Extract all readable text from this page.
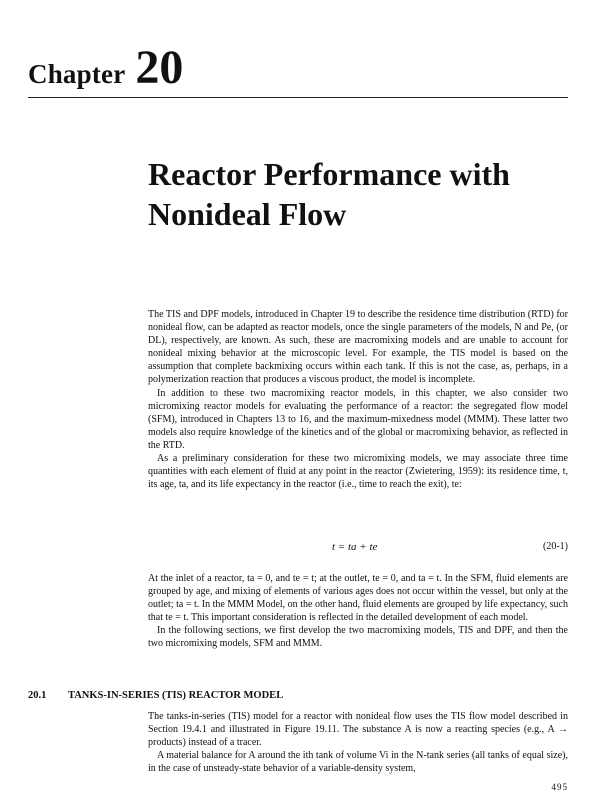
Chapter 20
Reactor Performance with
Nonideal Flow

The TIS and DPF models, introduced in Chapter 19 to describe the residence time distribution (RTD) for nonideal flow, can be adapted as reactor models, once the single parameters of the models, N and Pe, (or DL), respectively, are known. As such, these are macromixing models and are unable to account for nonideal mixing behavior at the microscopic level. For example, the TIS model is based on the assumption that complete backmixing occurs within each tank. If this is not the case, as, perhaps, in a polymerization reaction that produces a viscous product, the model is incomplete.

In addition to these two macromixing reactor models, in this chapter, we also consider two micromixing reactor models for evaluating the performance of a reactor: the segregated flow model (SFM), introduced in Chapters 13 to 16, and the maximum-mixedness model (MMM). These latter two models also require knowledge of the kinetics and of the global or macromixing behavior, as reflected in the RTD.

As a preliminary consideration for these two micromixing models, we may associate three time quantities with each element of fluid at any point in the reactor (Zwietering, 1959): its residence time, t, its age, ta, and its life expectancy in the reactor (i.e., time to reach the exit), te:

t = ta + te	(20-1)

At the inlet of a reactor, ta = 0, and te = t; at the outlet, te = 0, and ta = t. In the SFM, fluid elements are grouped by age, and mixing of elements of various ages does not occur within the vessel, but only at the outlet; ta = t. In the MMM Model, on the other hand, fluid elements are grouped by life expectancy, such that te = t. This important consideration is reflected in the detailed development of each model.

In the following sections, we first develop the two macromixing models, TIS and DPF, and then the two micromixing models, SFM and MMM.

20.1 TANKS-IN-SERIES (TIS) REACTOR MODEL

The tanks-in-series (TIS) model for a reactor with nonideal flow uses the TIS flow model described in Section 19.4.1 and illustrated in Figure 19.11. The substance A is now a reacting species (e.g., A → products) instead of a tracer.

A material balance for A around the ith tank of volume Vi in the N-tank series (all tanks of equal size), in the case of unsteady-state behavior of a variable-density system,

495
